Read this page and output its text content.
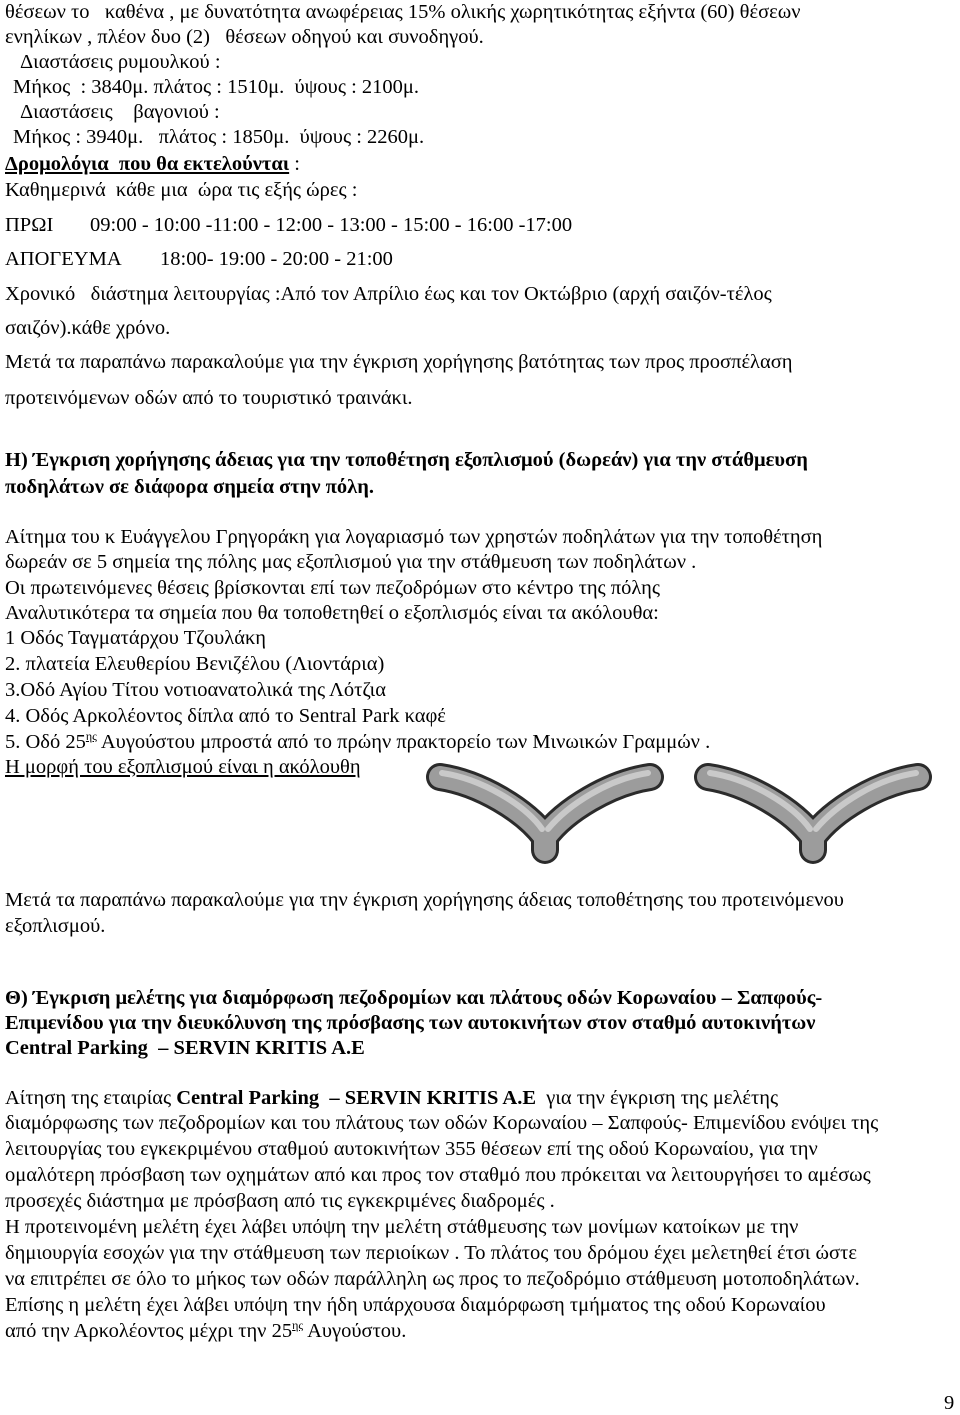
θέσεων το   καθένα , με δυνατότητα ανωφέρειας 15% ολικής χωρητικότητας εξήντα (60) θέσεων
ενηλίκων , πλέον δυο (2)   θέσεων οδηγού και συνοδηγού.
Διαστάσεις ρυμουλκού :
Μήκος  : 3840μ. πλάτος : 1510μ.  ύψους : 2100μ.
Διαστάσεις    βαγονιού :
Μήκος : 3940μ.   πλάτος : 1850μ.  ύψους : 2260μ.
Δρομολόγια  που θα εκτελούνται :
Καθημερινά  κάθε μια  ώρα τις εξής ώρες :
ΠΡΩΙ 09:00 - 10:00 -11:00 - 12:00 - 13:00 - 15:00 - 16:00 -17:00
ΑΠΟΓΕΥΜΑ 18:00- 19:00 - 20:00 - 21:00
Χρονικό   διάστημα λειτουργίας :Από τον Απρίλιο έως και τον Οκτώβριο (αρχή σαιζόν-τέλος
σαιζόν).κάθε χρόνο.
Μετά τα παραπάνω παρακαλούμε για την έγκριση χορήγησης βατότητας των προς προσπέλαση
προτεινόμενων οδών από το τουριστικό τραινάκι.
Η) Έγκριση χορήγησης άδειας για την τοποθέτηση εξοπλισμού (δωρεάν) για την στάθμευση
ποδηλάτων σε διάφορα σημεία στην πόλη.
Αίτημα του κ Ευάγγελου Γρηγοράκη για λογαριασμό των χρηστών ποδηλάτων για την τοποθέτηση
δωρεάν σε 5 σημεία της πόλης μας εξοπλισμού για την στάθμευση των ποδηλάτων .
Οι πρωτεινόμενες θέσεις βρίσκονται επί των πεζοδρόμων στο κέντρο της πόλης
Αναλυτικότερα τα σημεία που θα τοποθετηθεί ο εξοπλισμός είναι τα ακόλουθα:
1 Οδός Ταγματάρχου Τζουλάκη
2. πλατεία Ελευθερίου Βενιζέλου (Λιοντάρια)
3.Οδό Αγίου Τίτου νοτιοανατολικά της Λότζια
4. Οδός Αρκολέοντος δίπλα από το Sentral Park καφέ
5. Οδό $25^{\eta\varsigma}$ Αυγούστου μπροστά από το πρώην πρακτορείο των Μινωικών Γραμμών .
Η μορφή του εξοπλισμού είναι η ακόλουθη
Μετά τα παραπάνω παρακαλούμε για την έγκριση χορήγησης άδειας τοποθέτησης του προτεινόμενου
εξοπλισμού.
Θ) Έγκριση μελέτης για διαμόρφωση πεζοδρομίων και πλάτους οδών Κορωναίου – Σαπφούς-
Επιμενίδου για την διευκόλυνση της πρόσβασης των αυτοκινήτων στον σταθμό αυτοκινήτων
Central Parking  – SERVIN KRITIS A.E
Αίτηση της εταιρίας Central Parking  – SERVIN KRITIS A.E  για την έγκριση της μελέτης
διαμόρφωσης των πεζοδρομίων και του πλάτους των οδών Κορωναίου – Σαπφούς- Επιμενίδου ενόψει της
λειτουργίας του εγκεκριμένου σταθμού αυτοκινήτων 355 θέσεων επί της οδού Κορωναίου, για την
ομαλότερη πρόσβαση των οχημάτων από και προς τον σταθμό που πρόκειται να λειτουργήσει το αμέσως
προσεχές διάστημα με πρόσβαση από τις εγκεκριμένες διαδρομές .
Η προτεινομένη μελέτη έχει λάβει υπόψη την μελέτη στάθμευσης των μονίμων κατοίκων με την
δημιουργία εσοχών για την στάθμευση των περιοίκων . Το πλάτος του δρόμου έχει μελετηθεί έτσι ώστε
να επιτρέπει σε όλο το μήκος των οδών παράλληλη ως προς το πεζοδρόμιο στάθμευση μοτοποδηλάτων.
Επίσης η μελέτη έχει λάβει υπόψη την ήδη υπάρχουσα διαμόρφωση τμήματος της οδού Κορωναίου
από την Αρκολέοντος μέχρι την $25^{\eta\varsigma}$ Αυγούστου.
9
